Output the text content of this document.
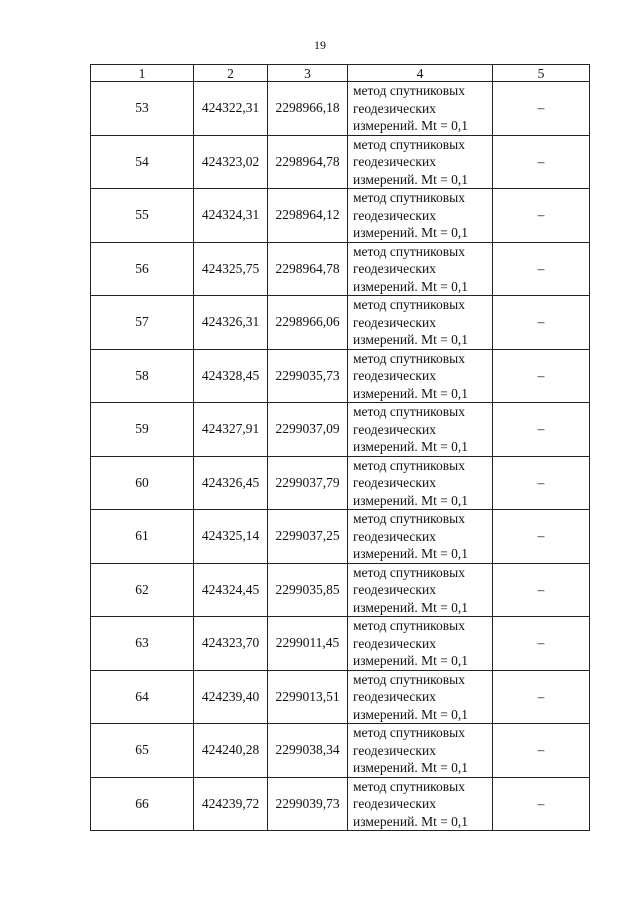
19
1	2	3	4	5
53	424322,31	2298966,18	метод спутниковых
геодезических
измерений. Mt = 0,1	–
54	424323,02	2298964,78	метод спутниковых
геодезических
измерений. Mt = 0,1	–
55	424324,31	2298964,12	метод спутниковых
геодезических
измерений. Mt = 0,1	–
56	424325,75	2298964,78	метод спутниковых
геодезических
измерений. Mt = 0,1	–
57	424326,31	2298966,06	метод спутниковых
геодезических
измерений. Mt = 0,1	–
58	424328,45	2299035,73	метод спутниковых
геодезических
измерений. Mt = 0,1	–
59	424327,91	2299037,09	метод спутниковых
геодезических
измерений. Mt = 0,1	–
60	424326,45	2299037,79	метод спутниковых
геодезических
измерений. Mt = 0,1	–
61	424325,14	2299037,25	метод спутниковых
геодезических
измерений. Mt = 0,1	–
62	424324,45	2299035,85	метод спутниковых
геодезических
измерений. Mt = 0,1	–
63	424323,70	2299011,45	метод спутниковых
геодезических
измерений. Mt = 0,1	–
64	424239,40	2299013,51	метод спутниковых
геодезических
измерений. Mt = 0,1	–
65	424240,28	2299038,34	метод спутниковых
геодезических
измерений. Mt = 0,1	–
66	424239,72	2299039,73	метод спутниковых
геодезических
измерений. Mt = 0,1	–
